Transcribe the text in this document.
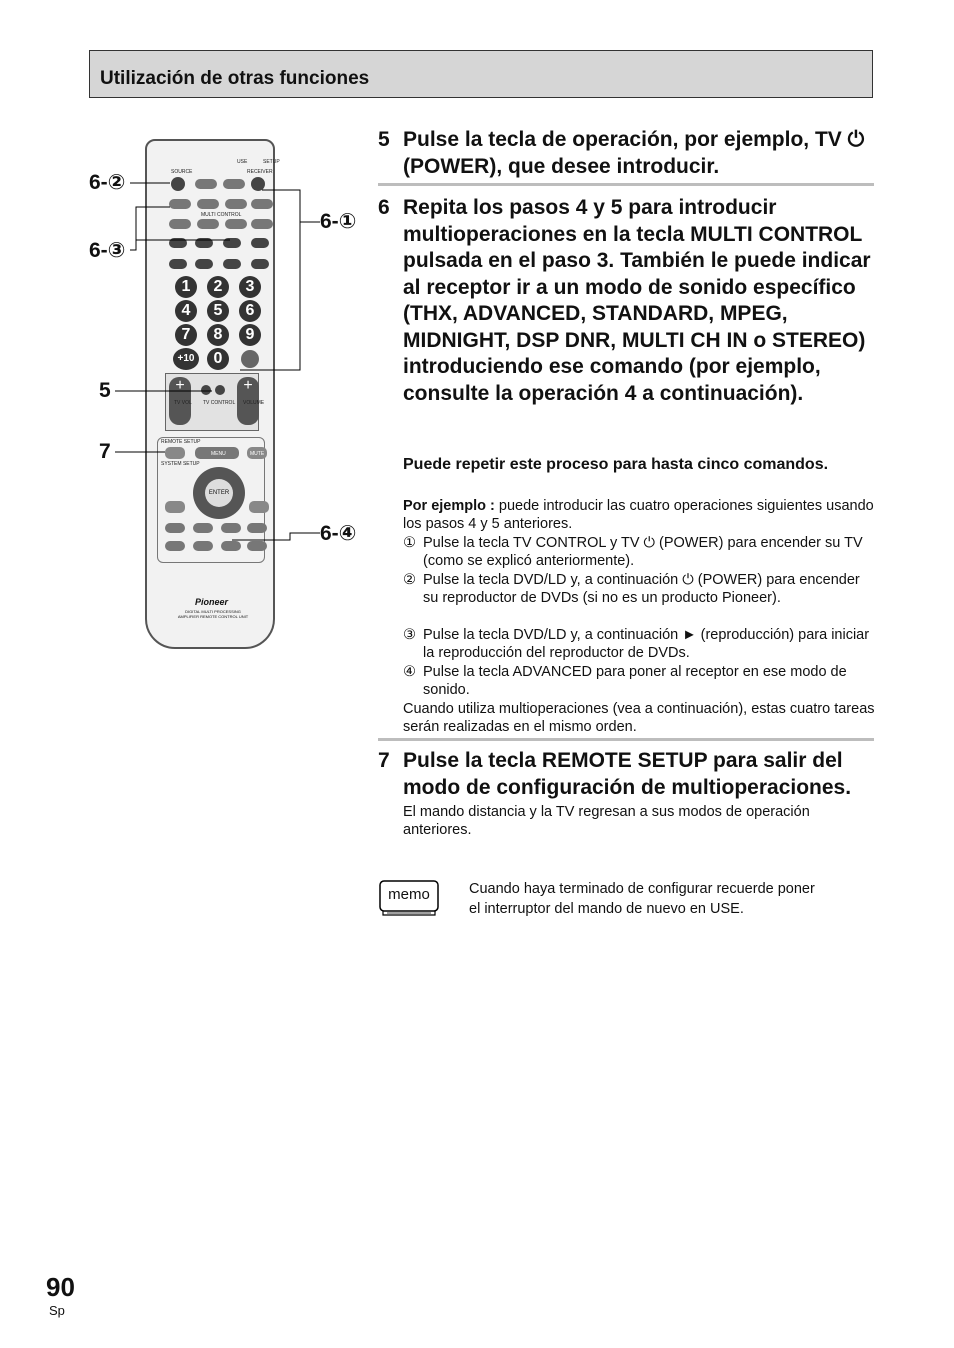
Utilización de otras funciones
SOURCE	RECEIVER
USE	SETUP
MULTI CONTROL
1	2	3
4	5	6
7	8	9
+10	0
+	+
TV VOL TV CONTROL VOLUME
REMOTE SETUP
MENU	MUTE
SYSTEM SETUP
ENTER
Pioneer
DIGITAL MULTI PROCESSING AMPLIFIER REMOTE CONTROL UNIT
6-②
6-③
6-①
5
7
6-④
5 Pulse la tecla de operación, por ejemplo, TV ⏻ (POWER), que desee introducir.
6 Repita los pasos 4 y 5 para introducir multioperaciones en la tecla MULTI CONTROL pulsada en el paso 3. También le puede indicar al receptor ir a un modo de sonido específico (THX, ADVANCED, STANDARD, MPEG, MIDNIGHT, DSP DNR, MULTI CH IN o STEREO) introduciendo ese comando (por ejemplo, consulte la operación 4 a continuación).
Puede repetir este proceso para hasta cinco comandos.
Por ejemplo : puede introducir las cuatro operaciones siguientes usando los pasos 4 y 5 anteriores.
① Pulse la tecla TV CONTROL y TV ⏻ (POWER) para encender su TV (como se explicó anteriormente).
② Pulse la tecla DVD/LD y, a continuación ⏻ (POWER) para encender su reproductor de DVDs (si no es un producto Pioneer).
③ Pulse la tecla DVD/LD y, a continuación ► (reproducción) para iniciar la reproducción del reproductor de DVDs.
④ Pulse la tecla ADVANCED para poner al receptor en ese modo de sonido.
Cuando utiliza multioperaciones (vea a continuación), estas cuatro tareas serán realizadas en el mismo orden.
7 Pulse la tecla REMOTE SETUP para salir del modo de configuración de multioperaciones.
El mando distancia y la TV regresan a sus modos de operación anteriores.
memo	Cuando haya terminado de configurar recuerde poner el interruptor del mando de nuevo en USE.
90
Sp
